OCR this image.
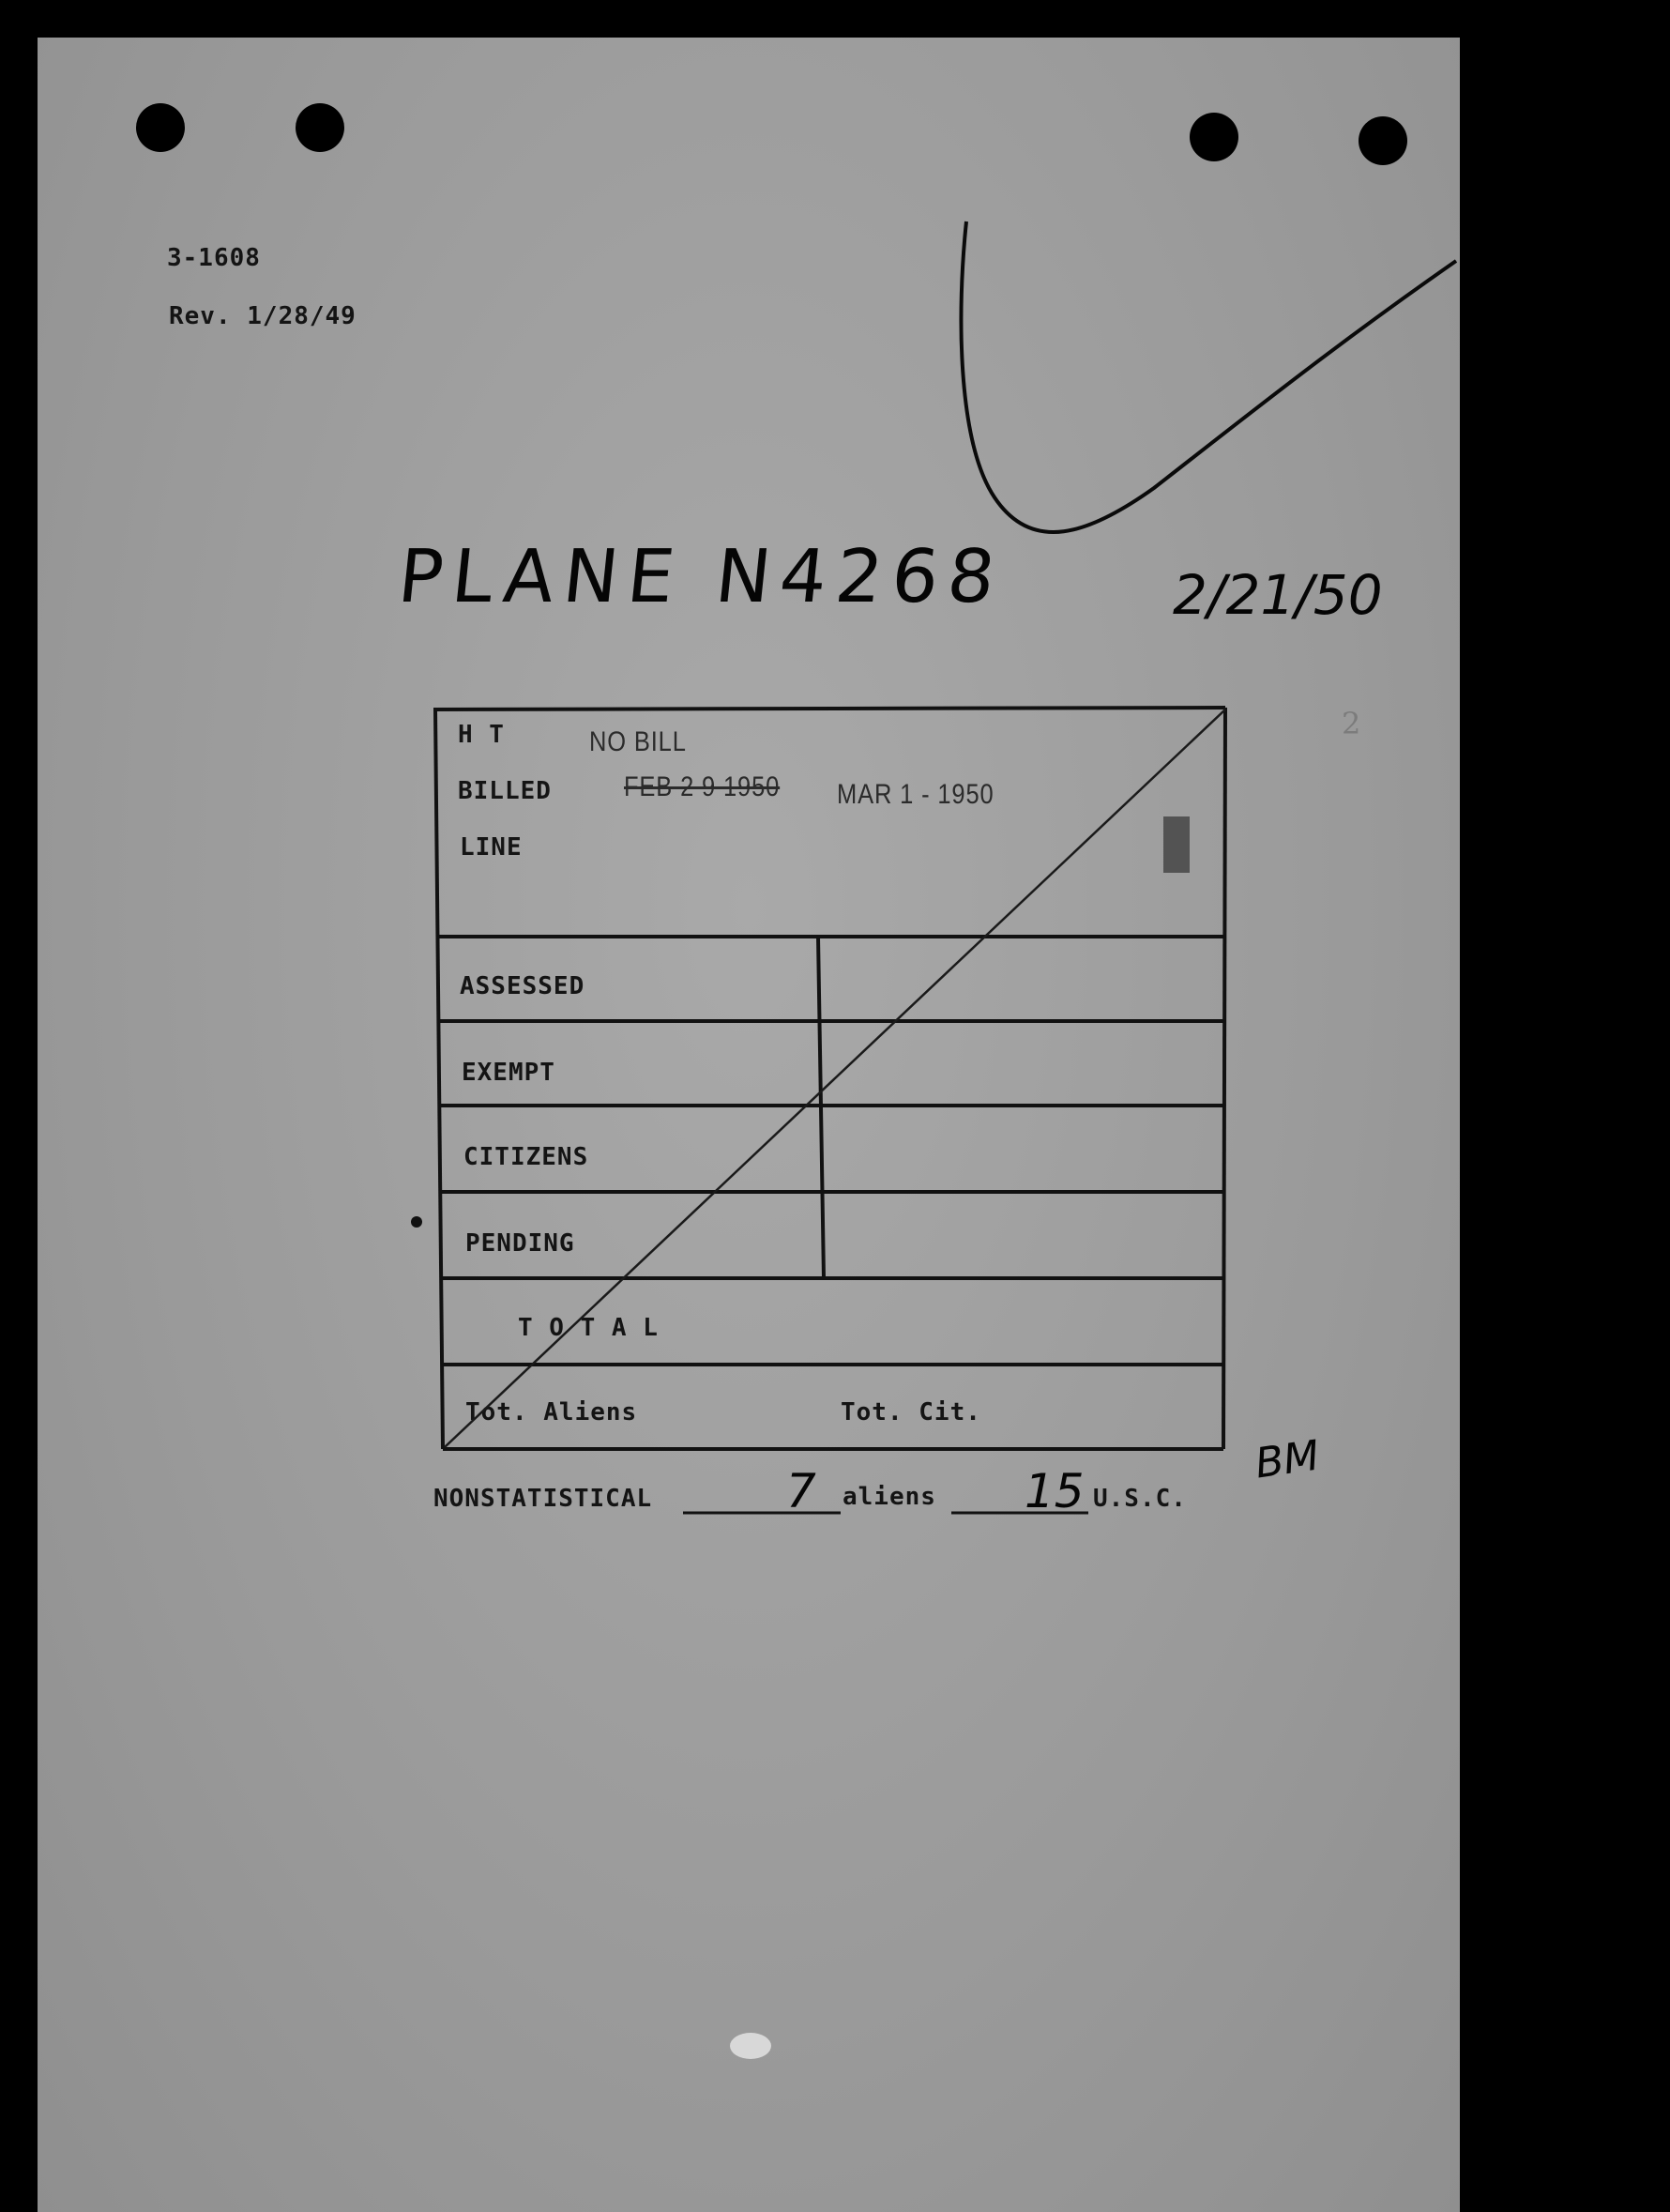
3-1608
Rev. 1/28/49
PLANE N4268	2/21/50
2
H T	NO BILL
BILLED	FEB 2 9 1950 MAR 1 - 1950
LINE
ASSESSED
EXEMPT
CITIZENS
PENDING
T O T A L
Tot. Aliens	Tot. Cit.
NONSTATISTICAL	7 aliens 15 U.S.C.
BM
